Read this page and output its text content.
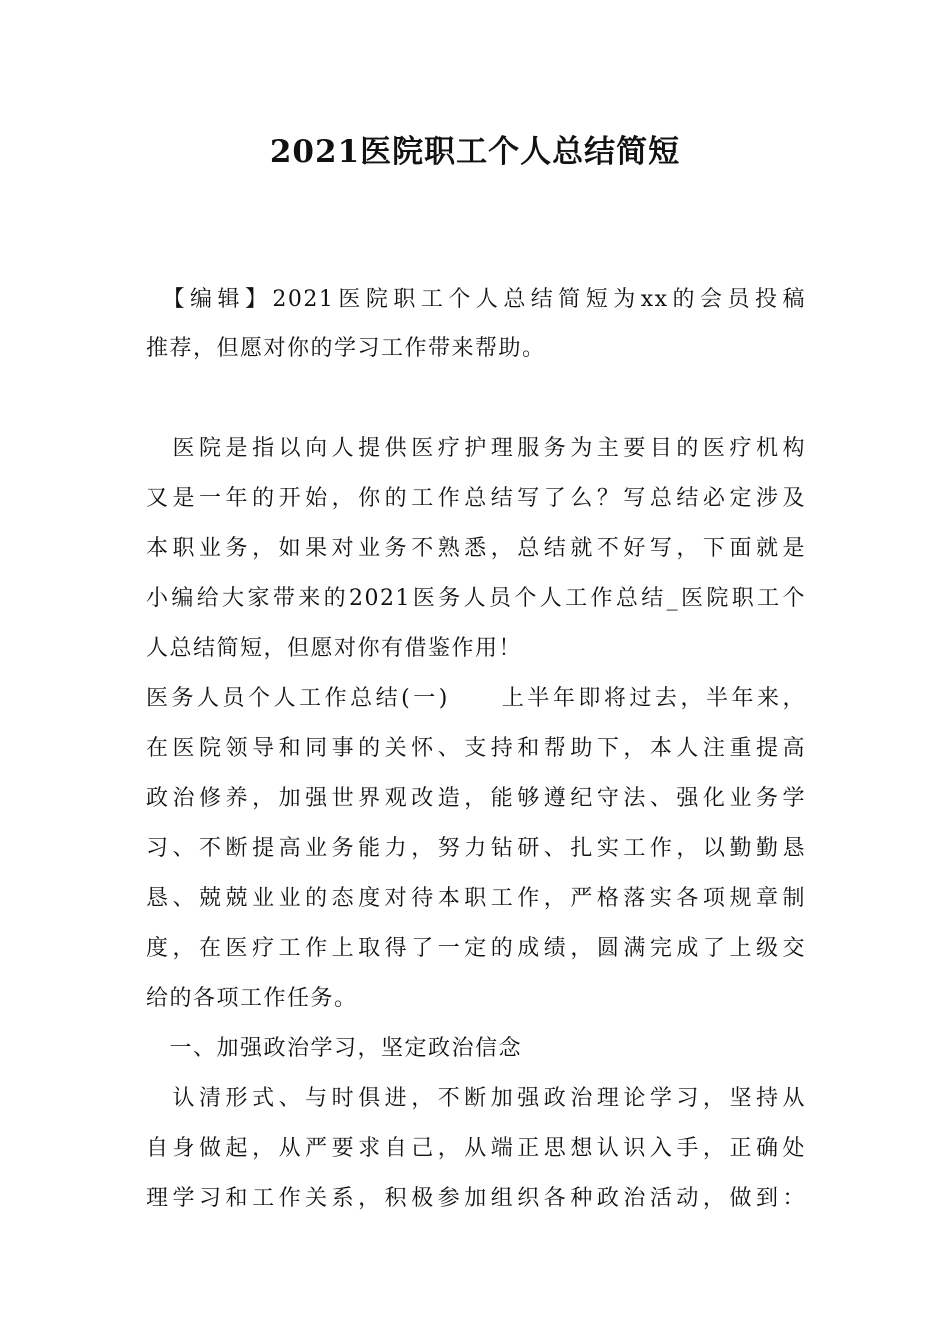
2021医院职工个人总结简短
　【编辑】2021医院职工个人总结简短为xx的会员投稿
推荐，但愿对你的学习工作带来帮助。
　医院是指以向人提供医疗护理服务为主要目的医疗机构
又是一年的开始，你的工作总结写了么？写总结必定涉及
本职业务，如果对业务不熟悉，总结就不好写，下面就是
小编给大家带来的2021医务人员个人工作总结_医院职工个
人总结简短，但愿对你有借鉴作用！
医务人员个人工作总结(一)　　上半年即将过去，半年来，
在医院领导和同事的关怀、支持和帮助下，本人注重提高
政治修养，加强世界观改造，能够遵纪守法、强化业务学
习、不断提高业务能力，努力钻研、扎实工作，以勤勤恳
恳、兢兢业业的态度对待本职工作，严格落实各项规章制
度，在医疗工作上取得了一定的成绩，圆满完成了上级交
给的各项工作任务。
　一、加强政治学习，坚定政治信念
　认清形式、与时俱进，不断加强政治理论学习，坚持从
自身做起，从严要求自己，从端正思想认识入手，正确处
理学习和工作关系，积极参加组织各种政治活动，做到：
